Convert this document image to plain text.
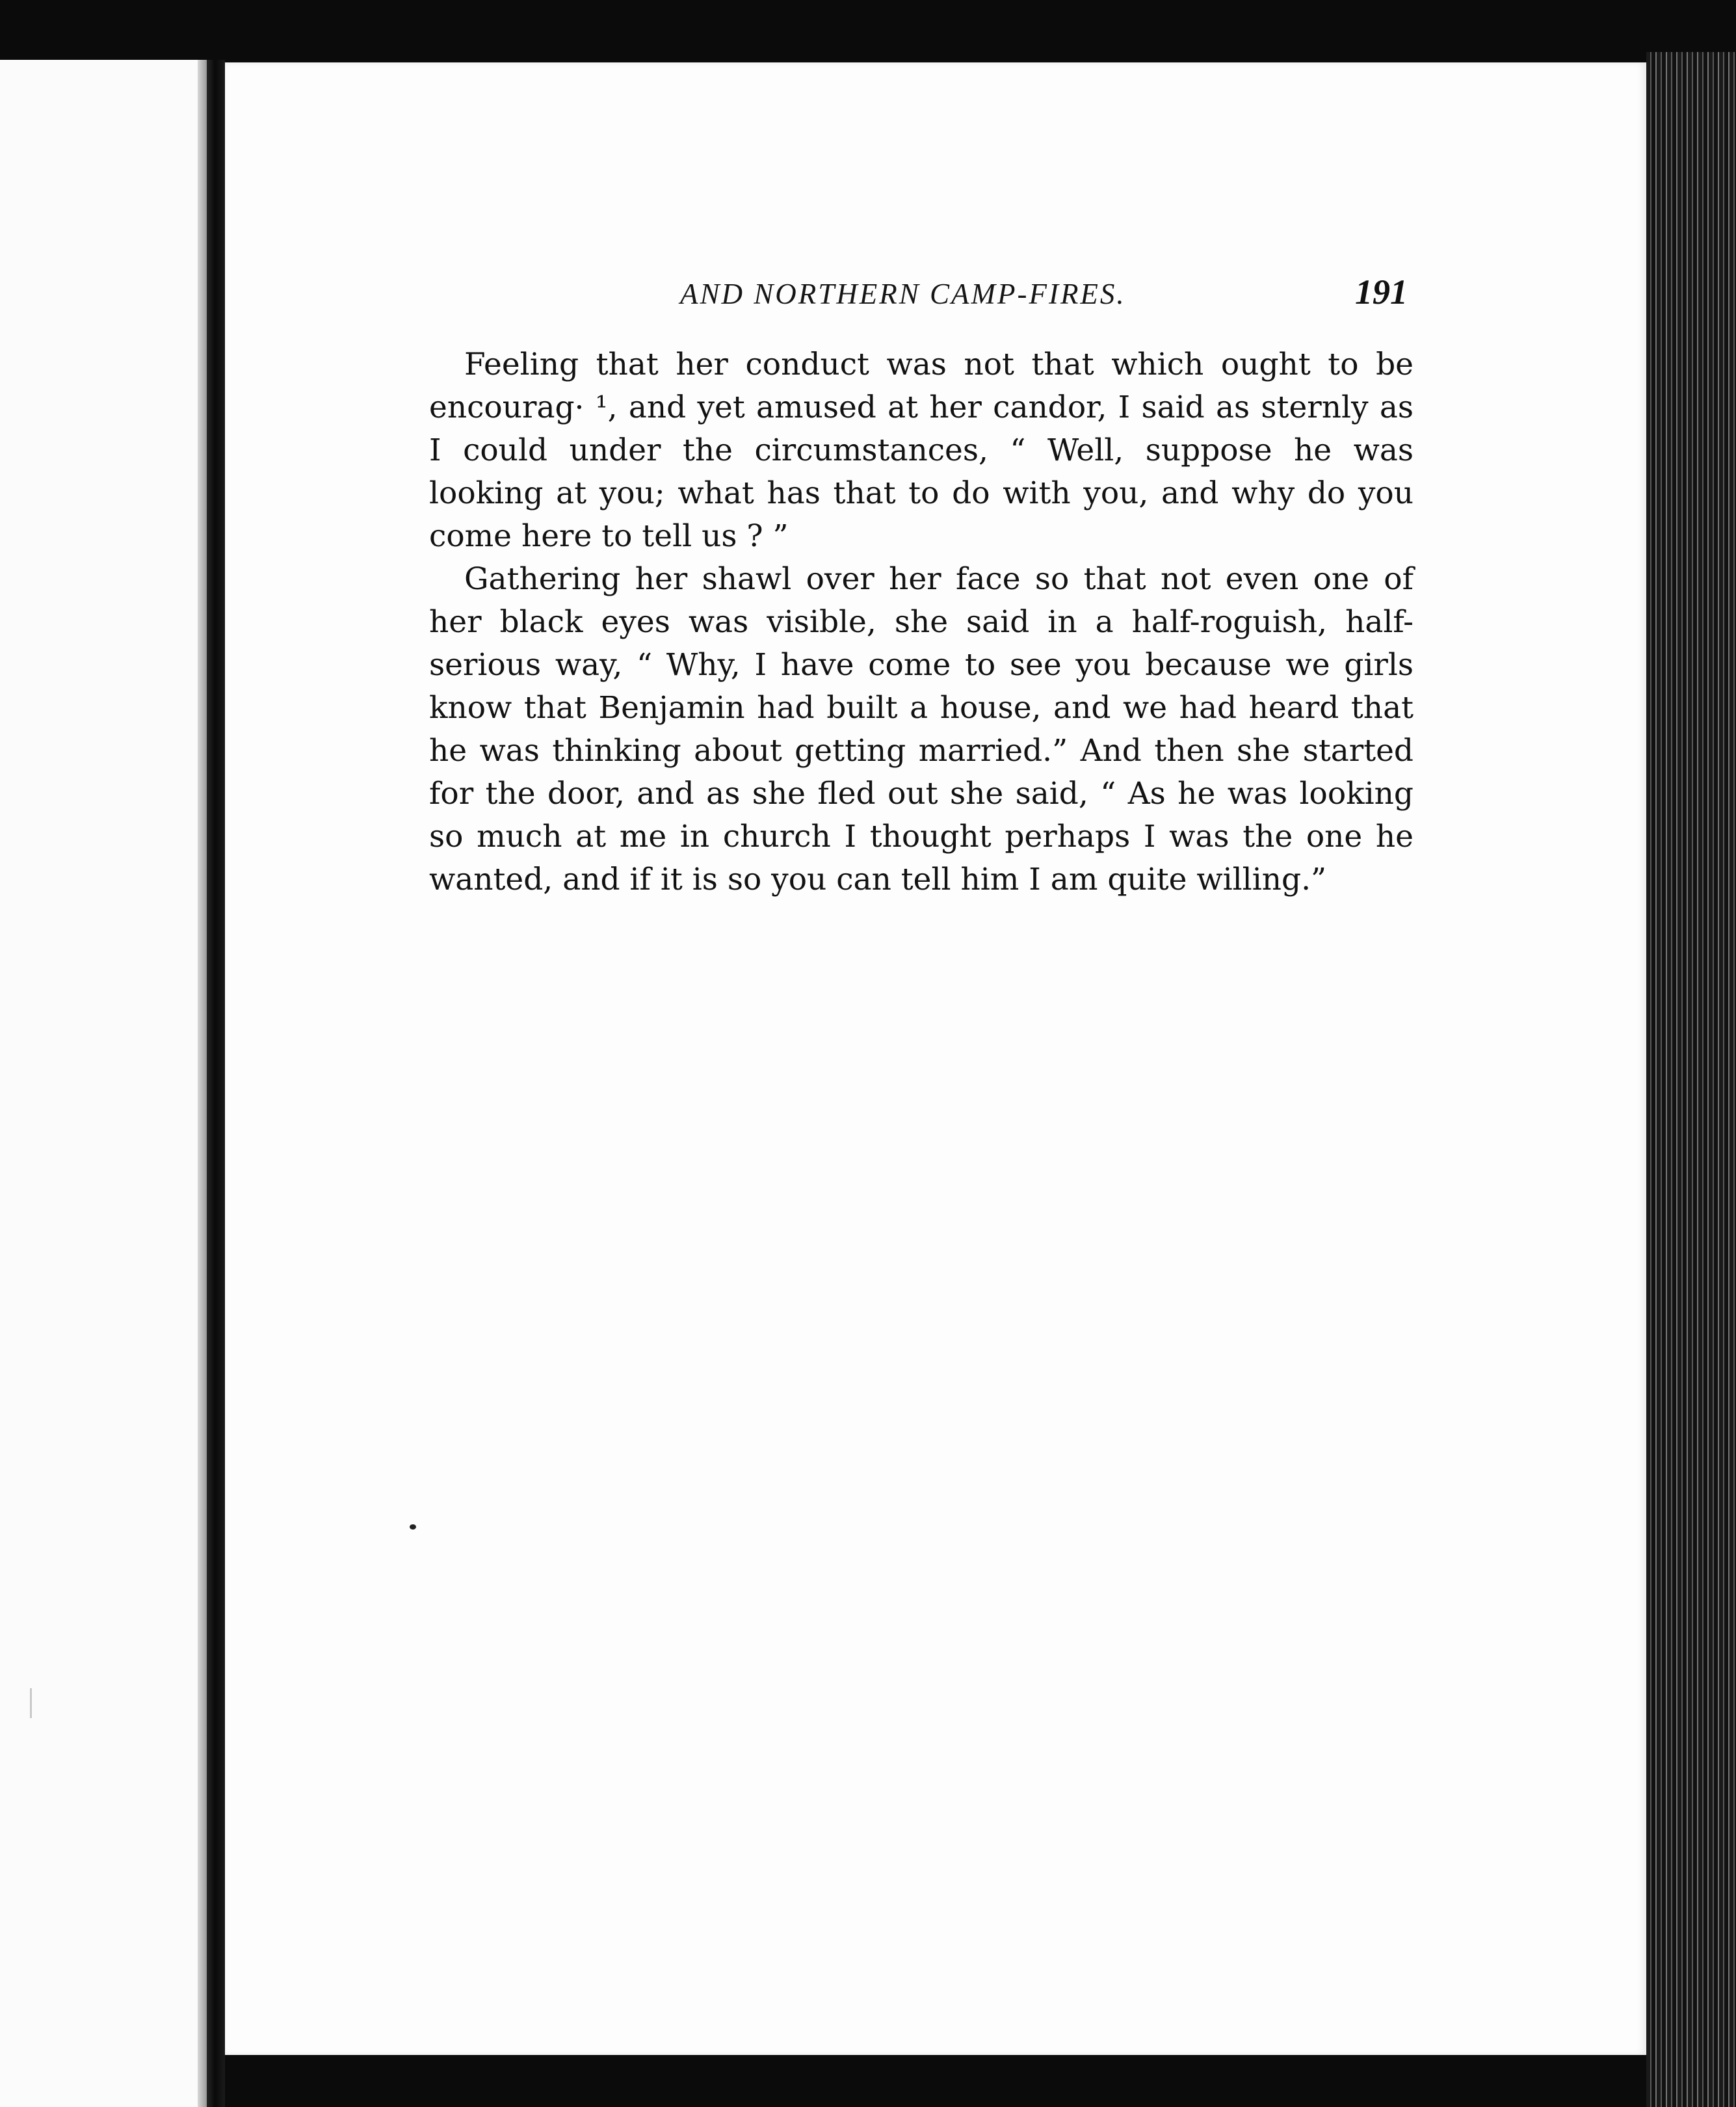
AND NORTHERN CAMP-FIRES.	191

Feeling that her conduct was not that which ought to be encourag· ¹, and yet amused at her candor, I said as sternly as I could under the circumstances, “ Well, suppose he was looking at you; what has that to do with you, and why do you come here to tell us ? ”

Gathering her shawl over her face so that not even one of her black eyes was visible, she said in a half-roguish, half-serious way, “ Why, I have come to see you because we girls know that Benjamin had built a house, and we had heard that he was thinking about getting married.” And then she started for the door, and as she fled out she said, “ As he was looking so much at me in church I thought perhaps I was the one he wanted, and if it is so you can tell him I am quite willing.”
